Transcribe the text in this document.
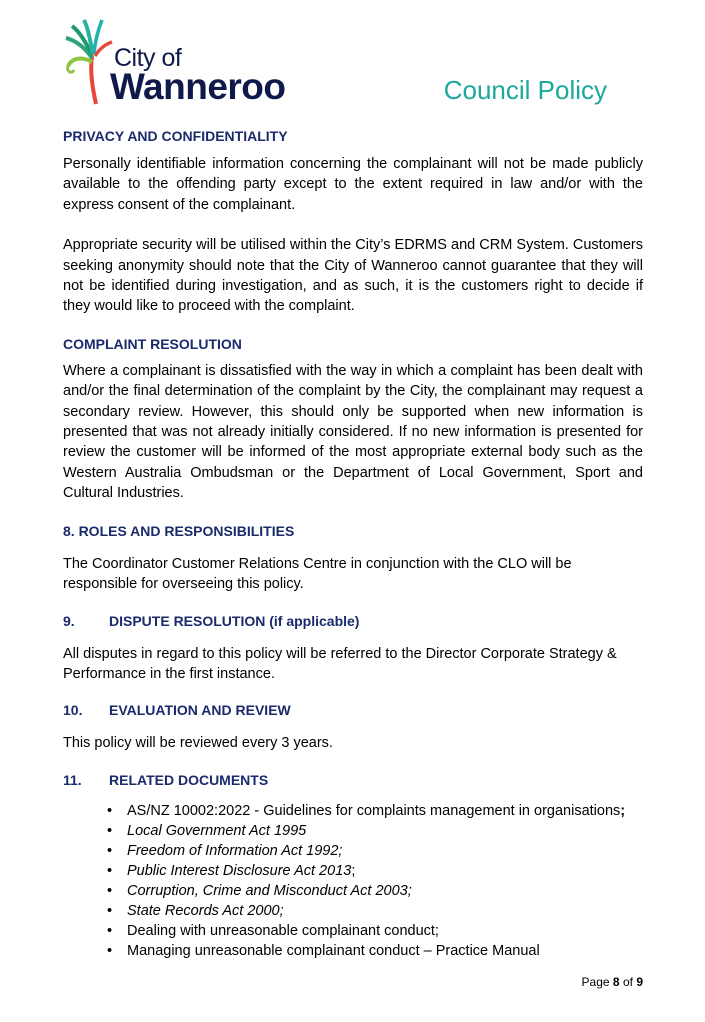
City of
Wanneroo	Council Policy
PRIVACY AND CONFIDENTIALITY

Personally identifiable information concerning the complainant will not be made publicly available to the offending party except to the extent required in law and/or with the express consent of the complainant.

Appropriate security will be utilised within the City’s EDRMS and CRM System. Customers seeking anonymity should note that the City of Wanneroo cannot guarantee that they will not be identified during investigation, and as such, it is the customers right to decide if they would like to proceed with the complaint.

COMPLAINT RESOLUTION

Where a complainant is dissatisfied with the way in which a complaint has been dealt with and/or the final determination of the complaint by the City, the complainant may request a secondary review. However, this should only be supported when new information is presented that was not already initially considered. If no new information is presented for review the customer will be informed of the most appropriate external body such as the Western Australia Ombudsman or the Department of Local Government, Sport and Cultural Industries.

8. ROLES AND RESPONSIBILITIES

The Coordinator Customer Relations Centre in conjunction with the CLO will be responsible for overseeing this policy.

9. DISPUTE RESOLUTION (if applicable)

All disputes in regard to this policy will be referred to the Director Corporate Strategy & Performance in the first instance.

10. EVALUATION AND REVIEW

This policy will be reviewed every 3 years.

11. RELATED DOCUMENTS
• AS/NZ 10002:2022 - Guidelines for complaints management in organisations;
• Local Government Act 1995
• Freedom of Information Act 1992;
• Public Interest Disclosure Act 2013;
• Corruption, Crime and Misconduct Act 2003;
• State Records Act 2000;
• Dealing with unreasonable complainant conduct;
• Managing unreasonable complainant conduct – Practice Manual
Page 8 of 9
